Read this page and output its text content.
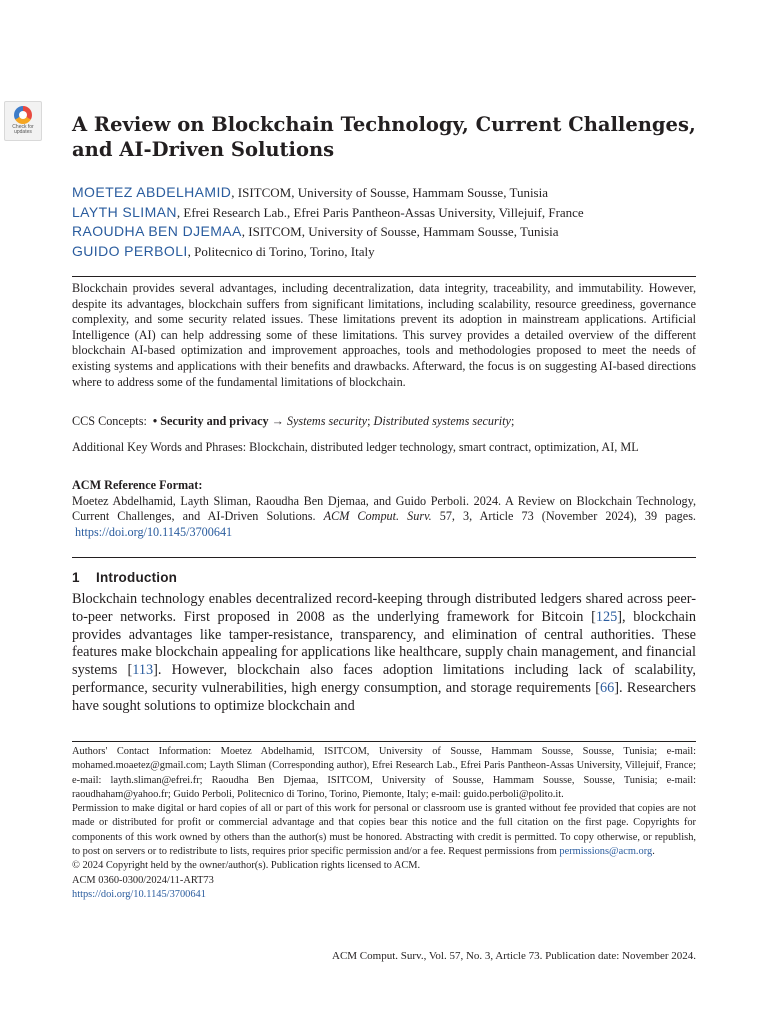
Check for
updates	A Review on Blockchain Technology, Current Challenges,
and AI-Driven Solutions
MOETEZ ABDELHAMID, ISITCOM, University of Sousse, Hammam Sousse, Tunisia
LAYTH SLIMAN, Efrei Research Lab., Efrei Paris Pantheon-Assas University, Villejuif, France
RAOUDHA BEN DJEMAA, ISITCOM, University of Sousse, Hammam Sousse, Tunisia
GUIDO PERBOLI, Politecnico di Torino, Torino, Italy

Blockchain provides several advantages, including decentralization, data integrity, traceability, and immutability. However, despite its advantages, blockchain suffers from significant limitations, including scalability, resource greediness, governance complexity, and some security related issues. These limitations prevent its adoption in mainstream applications. Artificial Intelligence (AI) can help addressing some of these limitations. This survey provides a detailed overview of the different blockchain AI-based optimization and improvement approaches, tools and methodologies proposed to meet the needs of existing systems and applications with their benefits and drawbacks. Afterward, the focus is on suggesting AI-based directions where to address some of the fundamental limitations of blockchain.

CCS Concepts: • Security and privacy → Systems security; Distributed systems security;
Additional Key Words and Phrases: Blockchain, distributed ledger technology, smart contract, optimization, AI, ML
ACM Reference Format:
Moetez Abdelhamid, Layth Sliman, Raoudha Ben Djemaa, and Guido Perboli. 2024. A Review on Blockchain Technology, Current Challenges, and AI-Driven Solutions. ACM Comput. Surv. 57, 3, Article 73 (November 2024), 39 pages.  https://doi.org/10.1145/3700641
1 Introduction

Blockchain technology enables decentralized record-keeping through distributed ledgers shared across peer-to-peer networks. First proposed in 2008 as the underlying framework for Bitcoin [125], blockchain provides advantages like tamper-resistance, transparency, and elimination of central authorities. These features make blockchain appealing for applications like healthcare, supply chain management, and financial systems [113]. However, blockchain also faces adoption limitations including lack of scalability, performance, security vulnerabilities, high energy consumption, and storage requirements [66]. Researchers have sought solutions to optimize blockchain and

Authors' Contact Information: Moetez Abdelhamid, ISITCOM, University of Sousse, Hammam Sousse, Sousse, Tunisia; e-mail: mohamed.moaetez@gmail.com; Layth Sliman (Corresponding author), Efrei Research Lab., Efrei Paris Pantheon-Assas University, Villejuif, France; e-mail: layth.sliman@efrei.fr; Raoudha Ben Djemaa, ISITCOM, University of Sousse, Hammam Sousse, Sousse, Tunisia; e-mail: raoudhaham@yahoo.fr; Guido Perboli, Politecnico di Torino, Torino, Piemonte, Italy; e-mail: guido.perboli@polito.it.

Permission to make digital or hard copies of all or part of this work for personal or classroom use is granted without fee provided that copies are not made or distributed for profit or commercial advantage and that copies bear this notice and the full citation on the first page. Copyrights for components of this work owned by others than the author(s) must be honored. Abstracting with credit is permitted. To copy otherwise, or republish, to post on servers or to redistribute to lists, requires prior specific permission and/or a fee. Request permissions from permissions@acm.org.

© 2024 Copyright held by the owner/author(s). Publication rights licensed to ACM.

ACM 0360-0300/2024/11-ART73

https://doi.org/10.1145/3700641

ACM Comput. Surv., Vol. 57, No. 3, Article 73. Publication date: November 2024.
